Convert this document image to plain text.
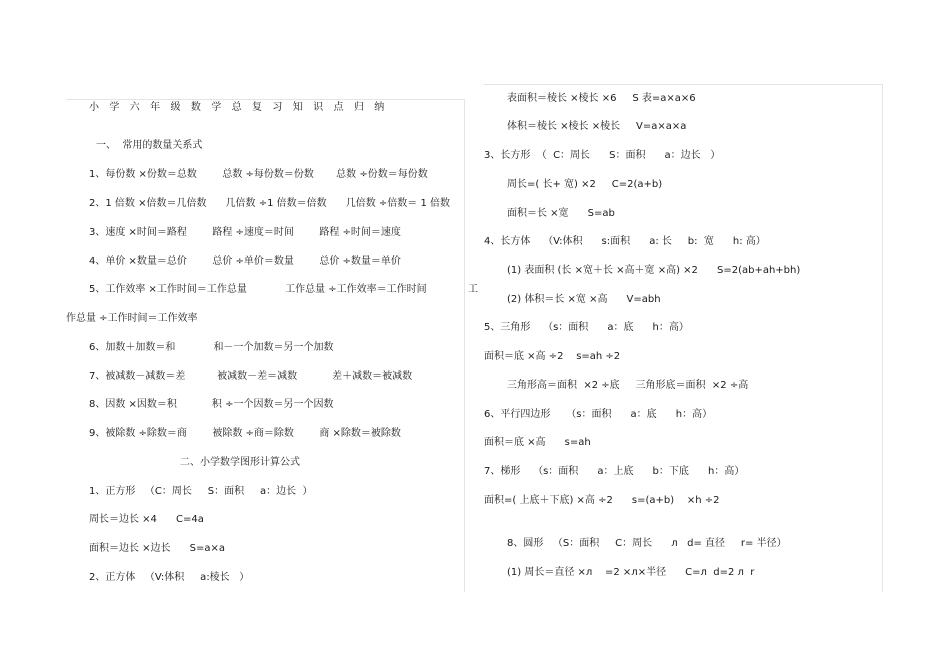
小 学 六 年 级 数 学 总 复 习 知 识 点 归 纳
一、  常用的数量关系式
1、每份数 ×份数＝总数        总数 ÷每份数＝份数       总数 ÷份数＝每份数
2、1 倍数 ×倍数＝几倍数      几倍数 ÷1 倍数＝倍数      几倍数 ÷倍数＝ 1 倍数
3、速度 ×时间＝路程        路程 ÷速度＝时间        路程 ÷时间＝速度
4、单价 ×数量＝总价        总价 ÷单价＝数量        总价 ÷数量＝单价
5、工作效率 ×工作时间＝工作总量            工作总量 ÷工作效率＝工作时间             工
作总量 ÷工作时间＝工作效率
6、加数＋加数＝和            和－一个加数＝另一个加数
7、被减数－减数＝差          被减数－差＝减数           差＋减数＝被减数
8、因数 ×因数＝积           积 ÷一个因数＝另一个因数
9、被除数 ÷除数＝商        被除数 ÷商＝除数        商 ×除数＝被除数
二、小学数学图形计算公式
1、正方形   （C：周长     S：面积     a：边长  ）
周长＝边长 ×4      C=4a
面积＝边长 ×边长      S=a×a
2、正方体   （V:体积     a:棱长   ）
表面积＝棱长 ×棱长 ×6     S 表=a×a×6
体积＝棱长 ×棱长 ×棱长     V=a×a×a
3、长方形  （  C：周长      S：面积      a：边长   ）
周长=( 长+ 宽) ×2     C=2(a+b)
面积＝长 ×宽      S=ab
4、长方体    （V:体积      s:面积      a: 长     b:  宽      h: 高）
(1) 表面积 (长 ×宽＋长 ×高＋宽 ×高) ×2      S=2(ab+ah+bh)
(2) 体积＝长 ×宽 ×高      V=abh
5、三角形    （s：面积      a：底      h：高）
面积＝底 ×高 ÷2    s=ah ÷2
三角形高＝面积  ×2 ÷底     三角形底＝面积  ×2 ÷高
6、平行四边形     （s：面积      a：底      h：高）
面积＝底 ×高      s=ah
7、梯形    （s：面积      a：上底      b：下底      h：高）
面积=( 上底＋下底) ×高 ÷2      s=(a+b)    ×h ÷2
8、圆形   （S：面积     C：周长      л   d= 直径     r= 半径）
(1) 周长＝直径 ×л    =2 ×л×半径      C=л  d=2 л  r
